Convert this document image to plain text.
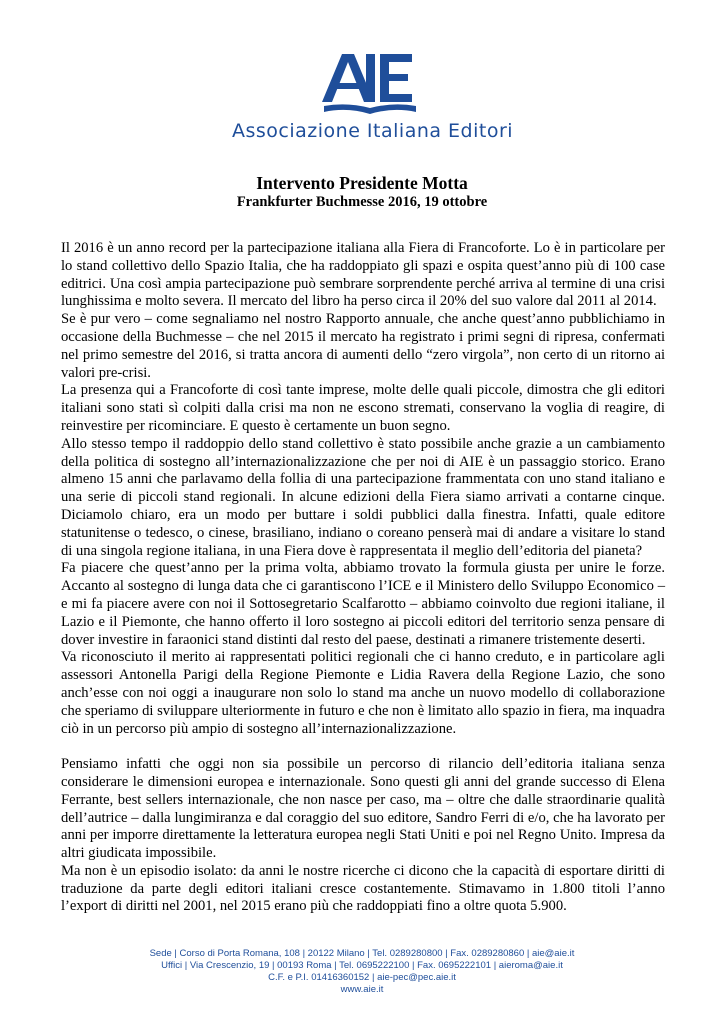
Associazione Italiana Editori
Intervento Presidente Motta
Frankfurter Buchmesse 2016, 19 ottobre

Il 2016 è un anno record per la partecipazione italiana alla Fiera di Francoforte. Lo è in particolare per lo stand collettivo dello Spazio Italia, che ha raddoppiato gli spazi e ospita quest’anno più di 100 case editrici. Una così ampia partecipazione può sembrare sorprendente perché arriva al termine di una crisi lunghissima e molto severa. Il mercato del libro ha perso circa il 20% del suo valore dal 2011 al 2014.

Se è pur vero – come segnaliamo nel nostro Rapporto annuale, che anche quest’anno pubblichiamo in occasione della Buchmesse – che nel 2015 il mercato ha registrato i primi segni di ripresa, confermati nel primo semestre del 2016, si tratta ancora di aumenti dello “zero virgola”, non certo di un ritorno ai valori pre-crisi.

La presenza qui a Francoforte di così tante imprese, molte delle quali piccole, dimostra che gli editori italiani sono stati sì colpiti dalla crisi ma non ne escono stremati, conservano la voglia di reagire, di reinvestire per ricominciare. E questo è certamente un buon segno.

Allo stesso tempo il raddoppio dello stand collettivo è stato possibile anche grazie a un cambiamento della politica di sostegno all’internazionalizzazione che per noi di AIE è un passaggio storico. Erano almeno 15 anni che parlavamo della follia di una partecipazione frammentata con uno stand italiano e una serie di piccoli stand regionali. In alcune edizioni della Fiera siamo arrivati a contarne cinque. Diciamolo chiaro, era un modo per buttare i soldi pubblici dalla finestra. Infatti, quale editore statunitense o tedesco, o cinese, brasiliano, indiano o coreano penserà mai di andare a visitare lo stand di una singola regione italiana, in una Fiera dove è rappresentata il meglio dell’editoria del pianeta?

Fa piacere che quest’anno per la prima volta, abbiamo trovato la formula giusta per unire le forze. Accanto al sostegno di lunga data che ci garantiscono l’ICE e il Ministero dello Sviluppo Economico – e mi fa piacere avere con noi il Sottosegretario Scalfarotto – abbiamo coinvolto due regioni italiane, il Lazio e il Piemonte, che hanno offerto il loro sostegno ai piccoli editori del territorio senza pensare di dover investire in faraonici stand distinti dal resto del paese, destinati a rimanere tristemente deserti.

Va riconosciuto il merito ai rappresentati politici regionali che ci hanno creduto, e in particolare agli assessori Antonella Parigi della Regione Piemonte e Lidia Ravera della Regione Lazio, che sono anch’esse con noi oggi a inaugurare non solo lo stand ma anche un nuovo modello di collaborazione che speriamo di sviluppare ulteriormente in futuro e che non è limitato allo spazio in fiera, ma inquadra ciò in un percorso più ampio di sostegno all’internazionalizzazione.

Pensiamo infatti che oggi non sia possibile un percorso di rilancio dell’editoria italiana senza considerare le dimensioni europea e internazionale. Sono questi gli anni del grande successo di Elena Ferrante, best sellers internazionale, che non nasce per caso, ma – oltre che dalle straordinarie qualità dell’autrice – dalla lungimiranza e dal coraggio del suo editore, Sandro Ferri di e/o, che ha lavorato per anni per imporre direttamente la letteratura europea negli Stati Uniti e poi nel Regno Unito. Impresa da altri giudicata impossibile.

Ma non è un episodio isolato: da anni le nostre ricerche ci dicono che la capacità di esportare diritti di traduzione da parte degli editori italiani cresce costantemente. Stimavamo in 1.800 titoli l’anno l’export di diritti nel 2001, nel 2015 erano più che raddoppiati fino a oltre quota 5.900.

Sede | Corso di Porta Romana, 108 | 20122 Milano | Tel. 0289280800 | Fax. 0289280860 | aie@aie.it
Uffici | Via Crescenzio, 19 | 00193 Roma | Tel. 0695222100 | Fax. 0695222101 | aieroma@aie.it
C.F. e P.I. 01416360152 | aie-pec@pec.aie.it
www.aie.it
